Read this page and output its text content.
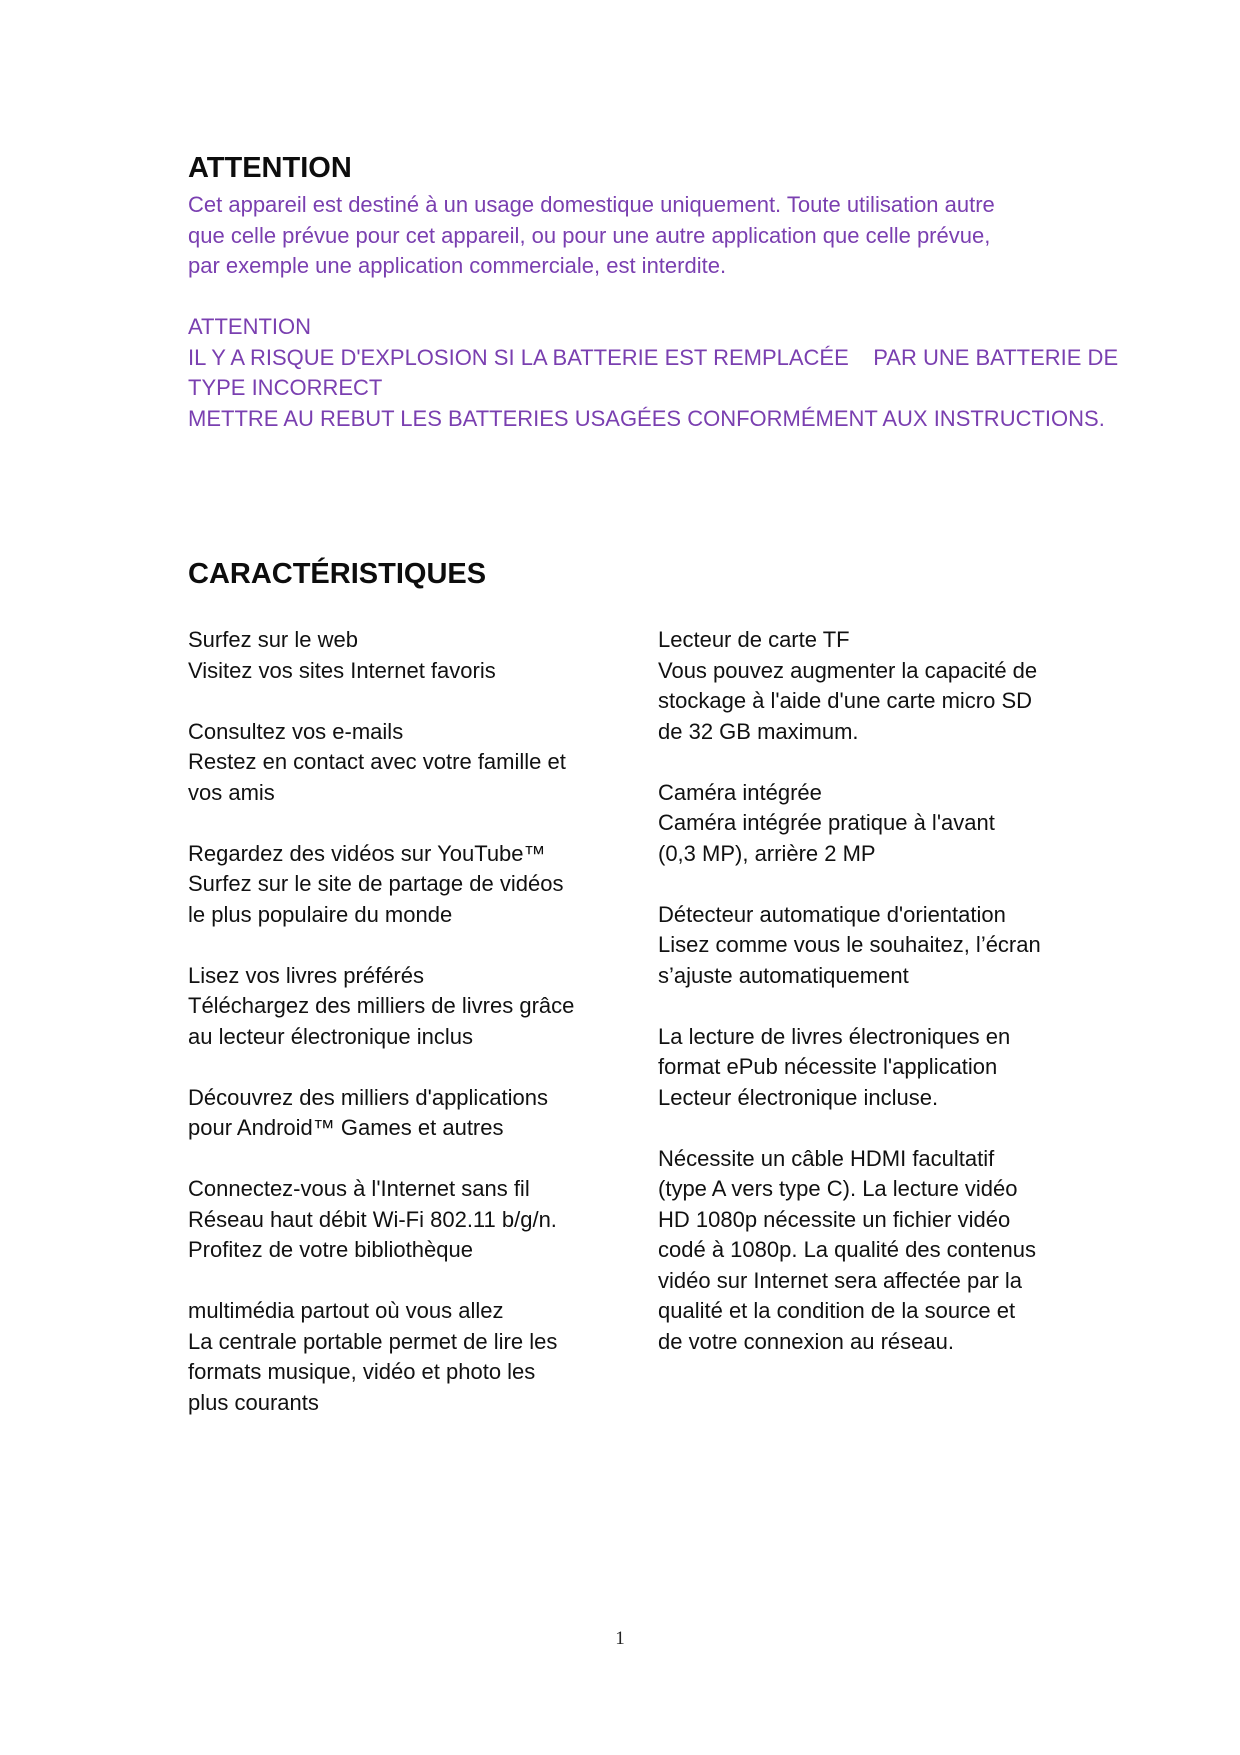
ATTENTION

Cet appareil est destiné à un usage domestique uniquement. Toute utilisation autre
que celle prévue pour cet appareil, ou pour une autre application que celle prévue,
par exemple une application commerciale, est interdite.

ATTENTION
IL Y A RISQUE D'EXPLOSION SI LA BATTERIE EST REMPLACÉE    PAR UNE BATTERIE DE
TYPE INCORRECT
METTRE AU REBUT LES BATTERIES USAGÉES CONFORMÉMENT AUX INSTRUCTIONS.

CARACTÉRISTIQUES

Surfez sur le web
Visitez vos sites Internet favoris

Consultez vos e-mails
Restez en contact avec votre famille et
vos amis

Regardez des vidéos sur YouTube™
Surfez sur le site de partage de vidéos
le plus populaire du monde

Lisez vos livres préférés
Téléchargez des milliers de livres grâce
au lecteur électronique inclus

Découvrez des milliers d'applications
pour Android™ Games et autres

Connectez-vous à l'Internet sans fil
Réseau haut débit Wi-Fi 802.11 b/g/n.
Profitez de votre bibliothèque

multimédia partout où vous allez
La centrale portable permet de lire les
formats musique, vidéo et photo les
plus courants

Lecteur de carte TF
Vous pouvez augmenter la capacité de
stockage à l'aide d'une carte micro SD
de 32 GB maximum.

Caméra intégrée
Caméra intégrée pratique à l'avant
(0,3 MP), arrière 2 MP

Détecteur automatique d'orientation
Lisez comme vous le souhaitez, l’écran
s’ajuste automatiquement

La lecture de livres électroniques en
format ePub nécessite l'application
Lecteur électronique incluse.

Nécessite un câble HDMI facultatif
(type A vers type C). La lecture vidéo
HD 1080p nécessite un fichier vidéo
codé à 1080p. La qualité des contenus
vidéo sur Internet sera affectée par la
qualité et la condition de la source et
de votre connexion au réseau.

1
